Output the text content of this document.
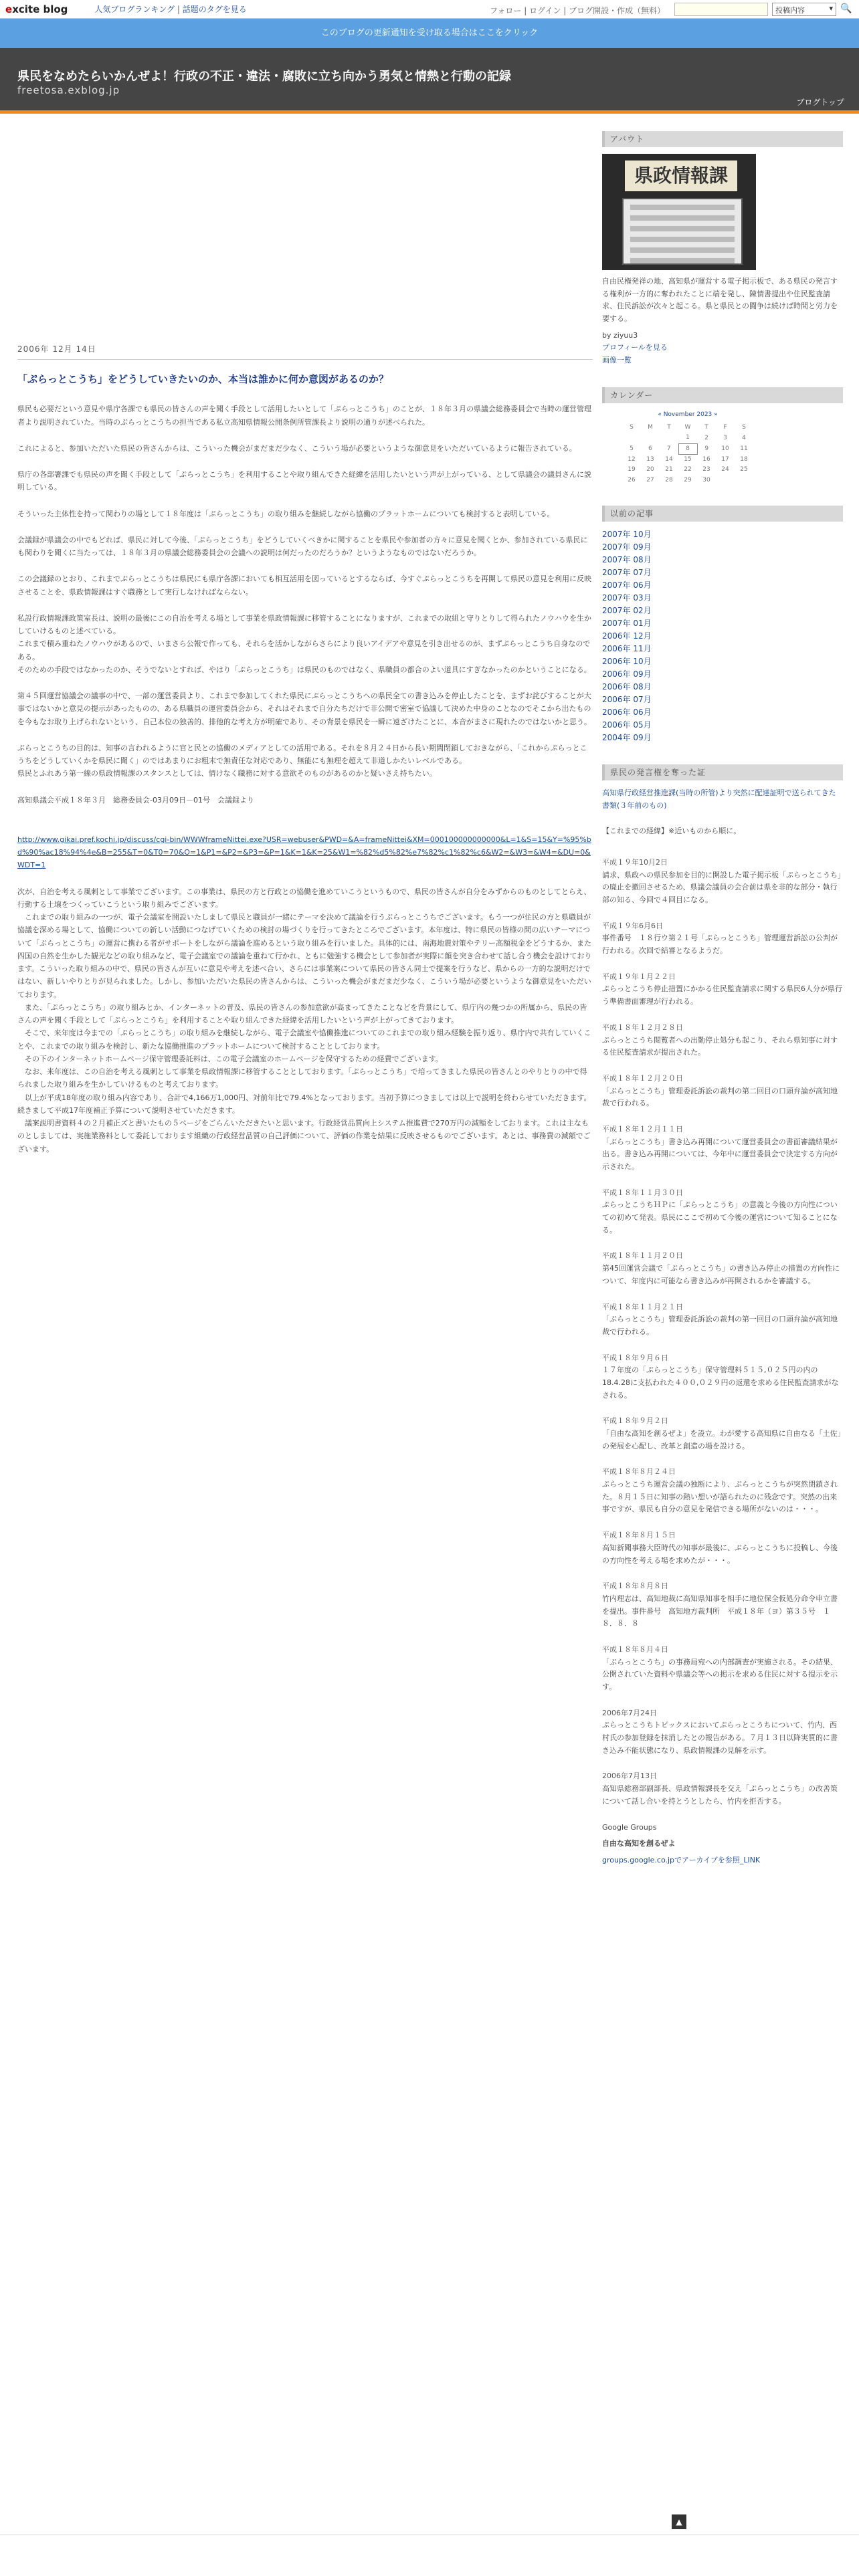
excite blog	人気ブログランキング | 話題のタグを見る	フォロー | ログイン | ブログ開設・作成（無料）	投稿内容 ▾	🔍
このブログの更新通知を受け取る場合はここをクリック
県民をなめたらいかんぜよ！行政の不正・違法・腐敗に立ち向かう勇気と情熱と行動の記録
freetosa.exblog.jp
ブログトップ
2006年 12月 14日
「ぷらっとこうち」をどうしていきたいのか、本当は誰かに何か意図があるのか？
県民も必要だという意見や県庁各課でも県民の皆さんの声を聞く手段として活用したいとして「ぷらっとこうち」のことが、１８年３月の県議会総務委員会で当時の運営管理者より説明されていた。当時のぷらっとこうちの担当である私立高知県情報公開条例所管課長より説明の通りが述べられた。
これによると、参加いただいた県民の皆さんからは、こういった機会がまだまだ少なく、こういう場が必要というような御意見をいただいているように報告されている。
県庁の各部署課でも県民の声を聞く手段として「ぷらっとこうち」を利用することや取り組んできた経緯を活用したいという声が上がっている、として県議会の議員さんに説明している。
そういった主体性を持って関わりの場として１８年度は「ぷらっとこうち」の取り組みを継続しながら協働のプラットホームについても検討すると表明している。
会議録が県議会の中でもどれば、県民に対して今後、「ぷらっとこうち」をどうしていくべきかに関することを県民や参加者の方々に意見を聞くとか、参加されている県民にも関わりを聞くに当たっては、１８年３月の県議会総務委員会の会議への説明は何だったのだろうか？というようなものではないだろうか。
この会議録のとおり、これまでぷらっとこうちは県民にも県庁各課においても相互活用を図っているとするならば、今すぐぷらっとこうちを再開して県民の意見を利用に反映させることを、県政情報課はすぐ職務として実行しなければならない。
私設行政情報課政策室長は、説明の最後にこの自治を考える場として事業を県政情報課に移管することになりますが、これまでの取組と守りとりして得られたノウハウを生かしていけるものと述べている。
これまで積み重ねたノウハウがあるので、いまさら公報で作っても、それらを活かしながらさらにより良いアイデアや意見を引き出せるのが、まずぷらっとこうち自身なのである。
そのための手段ではなかったのか、そうでないとすれば、やはり「ぷらっとこうち」は県民のものではなく、県職員の都合のよい道具にすぎなかったのかということになる。
第４５回運営協議会の議事の中で、一部の運営委員より、これまで参加してくれた県民にぷらっとこうちへの県民全ての書き込みを停止したことを、まずお詫びすることが大事ではないかと意見の提示があったものの、ある県職員の運営委員会から、それはそれまで自分たちだけで非公開で密室で協議して決めた中身のことなのでそこから出たものを今もなお取り上げられないという、自己本位の独善的、排他的な考え方が明確であり、その背景を県民を一瞬に遠ざけたことに、本音がまさに現れたのではないかと思う。
ぷらっとこうちの目的は、知事の言われるように官と民との協働のメディアとしての活用である。それを８月２４日から長い期間閉鎖しておきながら、「これからぷらっとこうちをどうしていくかを県民に聞く」のではあまりにお粗末で無責任な対応であり、無能にも無理を超えて非道しかたいレベルである。
県民とふれあう第一線の県政情報課のスタンスとしては、情けなく職務に対する意欲そのものがあるのかと疑いさえ持ちたい。
高知県議会平成１８年３月　総務委員会-03月09日－01号　会議録より
http://www.gikai.pref.kochi.jp/discuss/cgi-bin/WWWframeNittei.exe?USR=webuser&PWD=&A=frameNittei&XM=000100000000000&L=1&S=15&Y=%95%bd%90%ac18%94%4e&B=255&T=0&T0=70&O=1&P1=&P2=&P3=&P=1&K=1&K=25&W1=%82%d5%82%e7%82%c1%82%c6&W2=&W3=&W4=&DU=0&WDT=1
次が、自治を考える風刺として事業でございます。この事業は、県民の方と行政との協働を進めていこうというもので、県民の皆さんが自分をみずからのものとしてとらえ、行動する土壌をつくっていこうという取り組みでございます。
　これまでの取り組みの一つが、電子会議室を開設いたしまして県民と職員が一緒にテーマを決めて議論を行うぷらっとこうちでございます。もう一つが住民の方と県職員が協議を深める場として、協働についての新しい活動につなげていくための検討の場づくりを行ってきたところでございます。本年度は、特に県民の皆様の間の広いテーマについて「ぷらっとこうち」の運営に携わる者がサポートをしながら議論を進めるという取り組みを行いました。具体的には、南海地震対策やテリー高額税金をどうするか、また四国の自然を生かした観光などの取り組みなど、電子会議室での議論を重ねて行かれ、ともに勉強する機会として参加者が実際に顔を突き合わせて話し合う機会を設けております。こういった取り組みの中で、県民の皆さんが互いに意見や考えを述べ合い、さらには事業案について県民の皆さん同士で提案を行うなど、県からの一方的な説明だけではない、新しいやりとりが見られました。しかし、参加いただいた県民の皆さんからは、こういった機会がまだまだ少なく、こういう場が必要というような御意見をいただいております。
　また、「ぷらっとこうち」の取り組みとか、インターネットの普及、県民の皆さんの参加意欲が高まってきたことなどを背景にして、県庁内の幾つかの所属から、県民の皆さんの声を聞く手段として「ぷらっとこうち」を利用することや取り組んできた経緯を活用したいという声が上がってきております。
　そこで、来年度は今までの「ぷらっとこうち」の取り組みを継続しながら、電子会議室や協働推進についてのこれまでの取り組み経験を振り返り、県庁内で共有していくことや、これまでの取り組みを検討し、新たな協働推進のプラットホームについて検討することとしております。
　その下のインターネットホームページ保守管理委託料は、この電子会議室のホームページを保守するための経費でございます。
　なお、来年度は、この自治を考える風刺として事業を県政情報課に移管することとしております。「ぷらっとこうち」で培ってきました県民の皆さんとのやりとりの中で得られました取り組みを生かしていけるものと考えております。
　以上が平成18年度の取り組み内容であり、合計で4,166万1,000円、対前年比で79.4%となっております。当初予算につきましては以上で説明を終わらせていただきます。続きまして平成17年度補正予算について説明させていただきます。
　議案説明書資料４の２月補正ズと書いたもの５ページをごらんいただきたいと思います。行政経営品質向上システム推進費で270万円の減額をしております。これは主なものとしましては、実施業務料として委託しております組織の行政経営品質の自己評価について、評価の作業を結果に反映させるものでございます。あとは、事務費の減額でございます。
アバウト
県政情報課
自由民権発祥の地、高知県が運営する電子掲示板で、ある県民の発言する権利が一方的に奪われたことに端を発し、陳情書提出や住民監査請求、住民訴訟が次々と起こる。県と県民との闘争は続けば時間と労力を要する。
by ziyuu3
プロフィールを見る
画像一覧
カレンダー
« November 2023 »
S	M	T	W	T	F	S
			1	2	3	4
5	6	7	8	9	10	11
12	13	14	15	16	17	18
19	20	21	22	23	24	25
26	27	28	29	30		
以前の記事
2007年 10月
2007年 09月
2007年 08月
2007年 07月
2007年 06月
2007年 03月
2007年 02月
2007年 01月
2006年 12月
2006年 11月
2006年 10月
2006年 09月
2006年 08月
2006年 07月
2006年 06月
2006年 05月
2004年 09月
県民の発言権を奪った証
高知県行政経営推進課(当時の所管)より突然に配達証明で送られてきた書類(３年前のもの)
【これまでの経緯】※近いものから順に。
平成１９年10月2日
請求、県政への県民参加を目的に開設した電子掲示板「ぷらっとこうち」の廃止を撤回させるため、県議会議員の会合前は県を非的な部分・執行部の知る、今回で４回目になる。
平成１９年6月6日
事件番号　１８行ウ第２１号「ぷらっとこうち」管理運営訴訟の公判が行われる。次回で結審となるようだ。
平成１９年１月２２日
ぷらっとこうち停止措置にかかる住民監査請求に関する県民6人分が県行う準備書面審理が行われる。
平成１８年１２月２８日
ぷらっとこうち閲覧者への出勤停止処分も起こり、それら県知事に対する住民監査請求が提出された。
平成１８年１２月２０日
「ぷらっとこうち」管理委託訴訟の裁判の第二回目の口頭弁論が高知地裁で行われる。
平成１８年１２月１１日
「ぷらっとこうち」書き込み再開について運営委員会の書面審議結果が出る。書き込み再開については、今年中に運営委員会で決定する方向が示された。
平成１８年１１月３０日
ぷらっとこうちＨＰに「ぷらっとこうち」の意義と今後の方向性についての初めて発表。県民にここで初めて今後の運営について知ることになる。
平成１８年１１月２０日
第45回運営会議で「ぷらっとこうち」の書き込み停止の措置の方向性について、年度内に可能なら書き込みが再開されるかを審議する。
平成１８年１１月２１日
「ぷらっとこうち」管理委託訴訟の裁判の第一回目の口頭弁論が高知地裁で行われる。
平成１８年９月６日
１７年度の「ぷらっとこうち」保守管理料５１５,０２５円の内の18.4.28に支払われた４００,０２９円の返還を求める住民監査請求がなされる。
平成１８年９月２日
「自由な高知を創るぜよ」を設立。わが愛する高知県に自由なる「土佐」の発展を心配し、改革と創造の場を設ける。
平成１８年８月２４日
ぷらっとこうち運営会議の独断により、ぷらっとこうちが突然閉鎖された。８月１５日に知事の熱い想いが語られたのに残念です。突然の出来事ですが、県民も自分の意見を発信できる場所がないのは・・・。
平成１８年８月１５日
高知新聞事務大臣時代の知事が最後に、ぷらっとこうちに投稿し、今後の方向性を考える場を求めたが・・・。
平成１８年８月８日
竹内理志は、高知地裁に高知県知事を相手に地位保全仮処分命令申立書を提出。事件番号　高知地方裁判所　平成１８年（ヨ）第３５号　１８．８．８
平成１８年８月４日
「ぷらっとこうち」の事務局宛への内部調査が実施される。その結果、公開されていた資料や県議会等への掲示を求める住民に対する提示を示す。
2006年7月24日
ぷらっとこうちトピックスにおいてぷらっとこうちについて、竹内、西村氏の参加登録を抹消したとの報告がある。７月１３日以降実質的に書き込み不能状態になり、県政情報課の見解を示す。
2006年7月13日
高知県総務部副部長、県政情報課長を交え「ぷらっとこうち」の改善策について話し合いを持とうとしたら、竹内を拒否する。
Google Groups
自由な高知を創るぜよ
groups.google.co.jpでアーカイブを参照_LINK
▲
